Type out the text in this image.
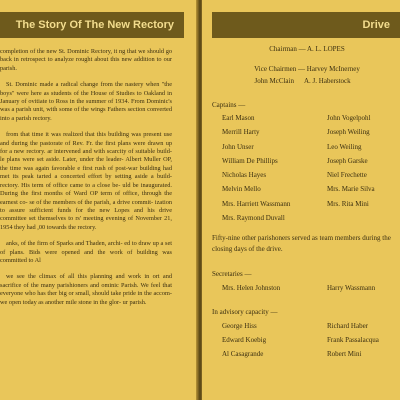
The Story Of The New Rectory

completion of the new St. Dominic Rectory, it ng that we should go back in retrospect to analyze rought about this new addition to our parish.

St. Dominic made a radical change from the nastery when "the boys" were here as students of the House of Studies to Oakland in January of ovitiate to Ross in the summer of 1934. From Dominic's was a parish unit, with some of the wings Fathers section converted into a parish rectory.

from that time it was realized that this building was present use and during the pastorate of Rev. Fr. the first plans were drawn up for a new rectory. ar intervened and with scarcity of suitable build- le plans were set aside. Later, under the leader- Albert Muller OP, the time was again favorable e first rush of post-war building had met its peak tarted a concerted effort by setting aside a build- rectory. His term of office came to a close be- uld be inaugurated. During the first months of Ward OP term of office, through the earnest co- se of the members of the parish, a drive commit- ization to assure sufficient funds for the new Lopes and his drive committee set themselves to rs' meeting evening of November 21, 1954 they had ,00 towards the rectory.

anks, of the firm of Sparks and Thaden, archi- ed to draw up a set of plans. Bids were opened and the work of building was committed to Al

we see the climax of all this planning and work in ort and sacrifice of the many parishioners and ominic Parish. We feel that everyone who has ther big or small, should take pride in the accom- we open today as another mile stone in the glor- ur parish.

Drive

Chairman — A. L. LOPES

Vice Chairmen — Harvey McInerney

John McClain	A. J. Haberstock

Captains —

Earl Mason	John Vogelpohl
Merrill Harty	Joseph Weiling
John Unser	Leo Weiling
William De Phillips	Joseph Garske
Nicholas Hayes	Niel Frechette
Melvin Mello	Mrs. Marie Silva
Mrs. Harriett Wassmann	Mrs. Rita Mini
Mrs. Raymond Duvall

Fifty-nine other parishoners served as team members during the closing days of the drive.

Secretaries —

Mrs. Helen Johnston	Harry Wassmann

In advisory capacity —

George Hiss	Richard Haber
Edward Koebig	Frank Passalacqua
Al Casagrande	Robert Mini
